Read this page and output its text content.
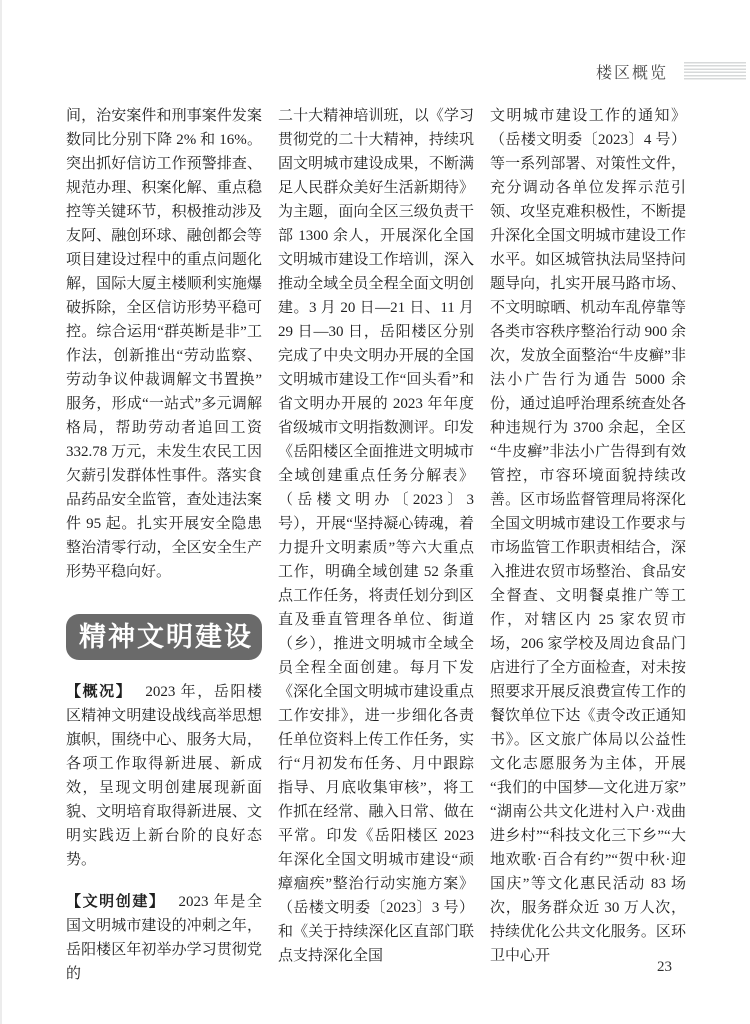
楼区概览

间，治安案件和刑事案件发案数同比分别下降 2% 和 16%。突出抓好信访工作预警排查、规范办理、积案化解、重点稳控等关键环节，积极推动涉及友阿、融创环球、融创都会等项目建设过程中的重点问题化解，国际大厦主楼顺利实施爆破拆除，全区信访形势平稳可控。综合运用“群英断是非”工作法，创新推出“劳动监察、劳动争议仲裁调解文书置换”服务，形成“一站式”多元调解格局，帮助劳动者追回工资 332.78 万元，未发生农民工因欠薪引发群体性事件。落实食品药品安全监管，查处违法案件 95 起。扎实开展安全隐患整治清零行动，全区安全生产形势平稳向好。

精神文明建设

【概况】 2023 年，岳阳楼区精神文明建设战线高举思想旗帜，围绕中心、服务大局，各项工作取得新进展、新成效，呈现文明创建展现新面貌、文明培育取得新进展、文明实践迈上新台阶的良好态势。

【文明创建】 2023 年是全国文明城市建设的冲刺之年，岳阳楼区年初举办学习贯彻党的

二十大精神培训班，以《学习贯彻党的二十大精神，持续巩固文明城市建设成果，不断满足人民群众美好生活新期待》为主题，面向全区三级负责干部 1300 余人，开展深化全国文明城市建设工作培训，深入推动全域全员全程全面文明创建。3 月 20 日—21 日、11 月 29 日—30 日，岳阳楼区分别完成了中央文明办开展的全国文明城市建设工作“回头看”和省文明办开展的 2023 年年度省级城市文明指数测评。印发《岳阳楼区全面推进文明城市全域创建重点任务分解表》（岳楼文明办〔2023〕3 号），开展“坚持凝心铸魂，着力提升文明素质”等六大重点工作，明确全域创建 52 条重点工作任务，将责任划分到区直及垂直管理各单位、街道（乡），推进文明城市全域全员全程全面创建。每月下发《深化全国文明城市建设重点工作安排》，进一步细化各责任单位资料上传工作任务，实行“月初发布任务、月中跟踪指导、月底收集审核”，将工作抓在经常、融入日常、做在平常。印发《岳阳楼区 2023 年深化全国文明城市建设“顽瘴痼疾”整治行动实施方案》（岳楼文明委〔2023〕3 号）和《关于持续深化区直部门联点支持深化全国

文明城市建设工作的通知》（岳楼文明委〔2023〕4 号）等一系列部署、对策性文件，充分调动各单位发挥示范引领、攻坚克难积极性，不断提升深化全国文明城市建设工作水平。如区城管执法局坚持问题导向，扎实开展马路市场、不文明晾晒、机动车乱停靠等各类市容秩序整治行动 900 余次，发放全面整治“牛皮癣”非法小广告行为通告 5000 余份，通过追呼治理系统查处各种违规行为 3700 余起，全区“牛皮癣”非法小广告得到有效管控，市容环境面貌持续改善。区市场监督管理局将深化全国文明城市建设工作要求与市场监管工作职责相结合，深入推进农贸市场整治、食品安全督查、文明餐桌推广等工作，对辖区内 25 家农贸市场，206 家学校及周边食品门店进行了全方面检查，对未按照要求开展反浪费宣传工作的餐饮单位下达《责令改正通知书》。区文旅广体局以公益性文化志愿服务为主体，开展“我们的中国梦—文化进万家”“湖南公共文化进村入户·戏曲进乡村”“科技文化三下乡”“大地欢歌·百合有约”“贺中秋·迎国庆”等文化惠民活动 83 场次，服务群众近 30 万人次，持续优化公共文化服务。区环卫中心开

23
